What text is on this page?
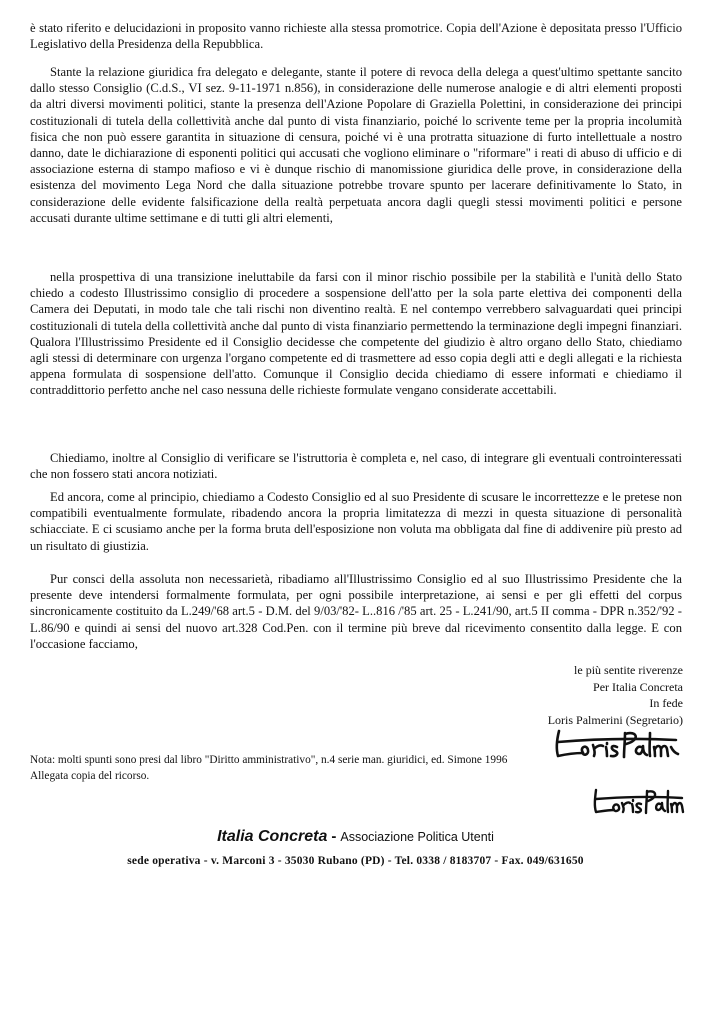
è stato riferito e delucidazioni in proposito vanno richieste alla stessa promotrice. Copia dell'Azione è depositata presso l'Ufficio Legislativo della Presidenza della Repubblica.

Stante la relazione giuridica fra delegato e delegante, stante il potere di revoca della delega a quest'ultimo spettante sancito dallo stesso Consiglio (C.d.S., VI sez. 9-11-1971 n.856), in considerazione delle numerose analogie e di altri elementi proposti da altri diversi movimenti politici, stante la presenza dell'Azione Popolare di Graziella Polettini, in considerazione dei principi costituzionali di tutela della collettività anche dal punto di vista finanziario, poiché lo scrivente teme per la propria incolumità fisica che non può essere garantita in situazione di censura, poiché vi è una protratta situazione di furto intellettuale a nostro danno, date le dichiarazione di esponenti politici qui accusati che vogliono eliminare o "riformare" i reati di abuso di ufficio e di associazione esterna di stampo mafioso e vi è dunque rischio di manomissione giuridica delle prove, in considerazione della esistenza del movimento Lega Nord che dalla situazione potrebbe trovare spunto per lacerare definitivamente lo Stato, in considerazione delle evidente falsificazione della realtà perpetuata ancora dagli quegli stessi movimenti politici e persone accusati durante ultime settimane e di tutti gli altri elementi,

nella prospettiva di una transizione ineluttabile da farsi con il minor rischio possibile per la stabilità e l'unità dello Stato chiedo a codesto Illustrissimo consiglio di procedere a sospensione dell'atto per la sola parte elettiva dei componenti della Camera dei Deputati, in modo tale che tali rischi non diventino realtà. E nel contempo verrebbero salvaguardati quei principi costituzionali di tutela della collettività anche dal punto di vista finanziario permettendo la terminazione degli impegni finanziari. Qualora l'Illustrissimo Presidente ed il Consiglio decidesse che competente del giudizio è altro organo dello Stato, chiediamo agli stessi di determinare con urgenza l'organo competente ed di trasmettere ad esso copia degli atti e degli allegati e la richiesta appena formulata di sospensione dell'atto. Comunque il Consiglio decida chiediamo di essere informati e chiediamo il contraddittorio perfetto anche nel caso nessuna delle richieste formulate vengano considerate accettabili.

Chiediamo, inoltre al Consiglio di verificare se l'istruttoria è completa e, nel caso, di integrare gli eventuali controinteressati che non fossero stati ancora notiziati.

Ed ancora, come al principio, chiediamo a Codesto Consiglio ed al suo Presidente di scusare le incorrettezze e le pretese non compatibili eventualmente formulate, ribadendo ancora la propria limitatezza di mezzi in questa situazione di personalità schiacciate. E ci scusiamo anche per la forma bruta dell'esposizione non voluta ma obbligata dal fine di addivenire più presto ad un risultato di giustizia.

Pur consci della assoluta non necessarietà, ribadiamo all'Illustrissimo Consiglio ed al suo Illustrissimo Presidente che la presente deve intendersi formalmente formulata, per ogni possibile interpretazione, ai sensi e per gli effetti del corpus sincronicamente costituito da L.249/'68 art.5 - D.M. del 9/03/'82- L..816 /'85 art. 25 - L.241/90, art.5 II comma - DPR n.352/'92 - L.86/90 e quindi ai sensi del nuovo art.328 Cod.Pen. con il termine più breve dal ricevimento consentito dalla legge. E con l'occasione facciamo,

le più sentite riverenze
Per Italia Concreta
In fede
Loris Palmerini (Segretario)
Nota: molti spunti sono presi dal libro "Diritto amministrativo", n.4 serie man. giuridici, ed. Simone 1996
Allegata copia del ricorso.
Italia Concreta - Associazione Politica Utenti
sede operativa - v. Marconi 3 - 35030 Rubano (PD) - Tel. 0338 / 8183707 - Fax. 049/631650
